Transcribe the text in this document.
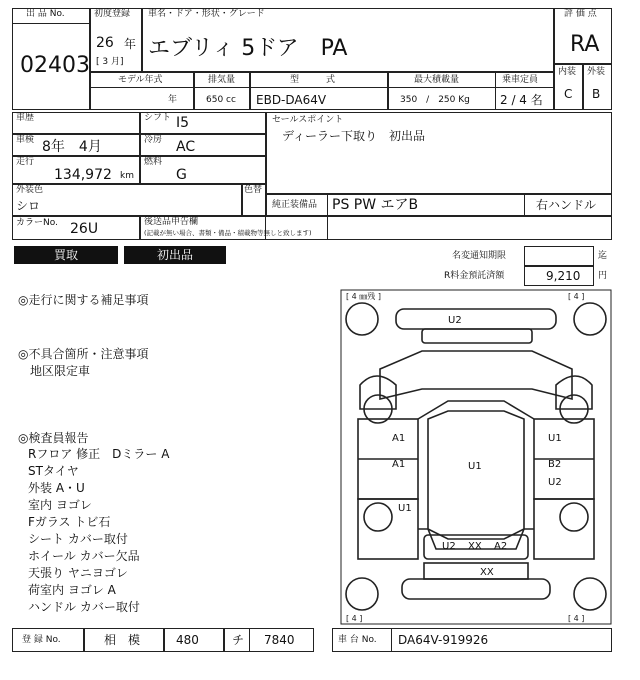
出 品 No.
02403
初度登録
26 年
[ 3 月]
車名・ドア・形状・グレード
エブリィ 5ドア　PA
評 価 点
RA
内装 外装
C B
モデル年式
年
排気量
650 cc
型　　　式
EBD-DA64V
最大積載量
350　/　250 Kg
乗車定員
2 / 4 名
車歴	シフト I5
車検 8年　4月	冷房 AC
走行
134,972 km
燃料
G
外装色
シロ
色替
カラーNo. 26U
セールスポイント
ディーラー下取り　初出品
純正装備品 PS PW エアB	右ハンドル
後送品申告欄
(記載が無い場合、書類・備品・積載物等無しと致します)
買取	初出品	名変通知期限	迄
R料金預託済額	9,210 円
◎走行に関する補足事項
◎不具合箇所・注意事項
地区限定車
◎検査員報告
Rフロア 修正　Dミラー A
STタイヤ
外装 A・U
室内 ヨゴレ
Fガラス トビ石
シート カバー取付
ホイール カバー欠品
天張り ヤニヨゴレ
荷室内 ヨゴレ A
ハンドル カバー取付
[ 4 ㎜残 ]	[ 4 ]
[ 4 ]	[ 4 ]
U2
A1
A1
U1
U1
U1
B2
U2
U2 XX A2
XX
登 録 No.	相　模	480	チ 7840	車 台 No. DA64V-919926
